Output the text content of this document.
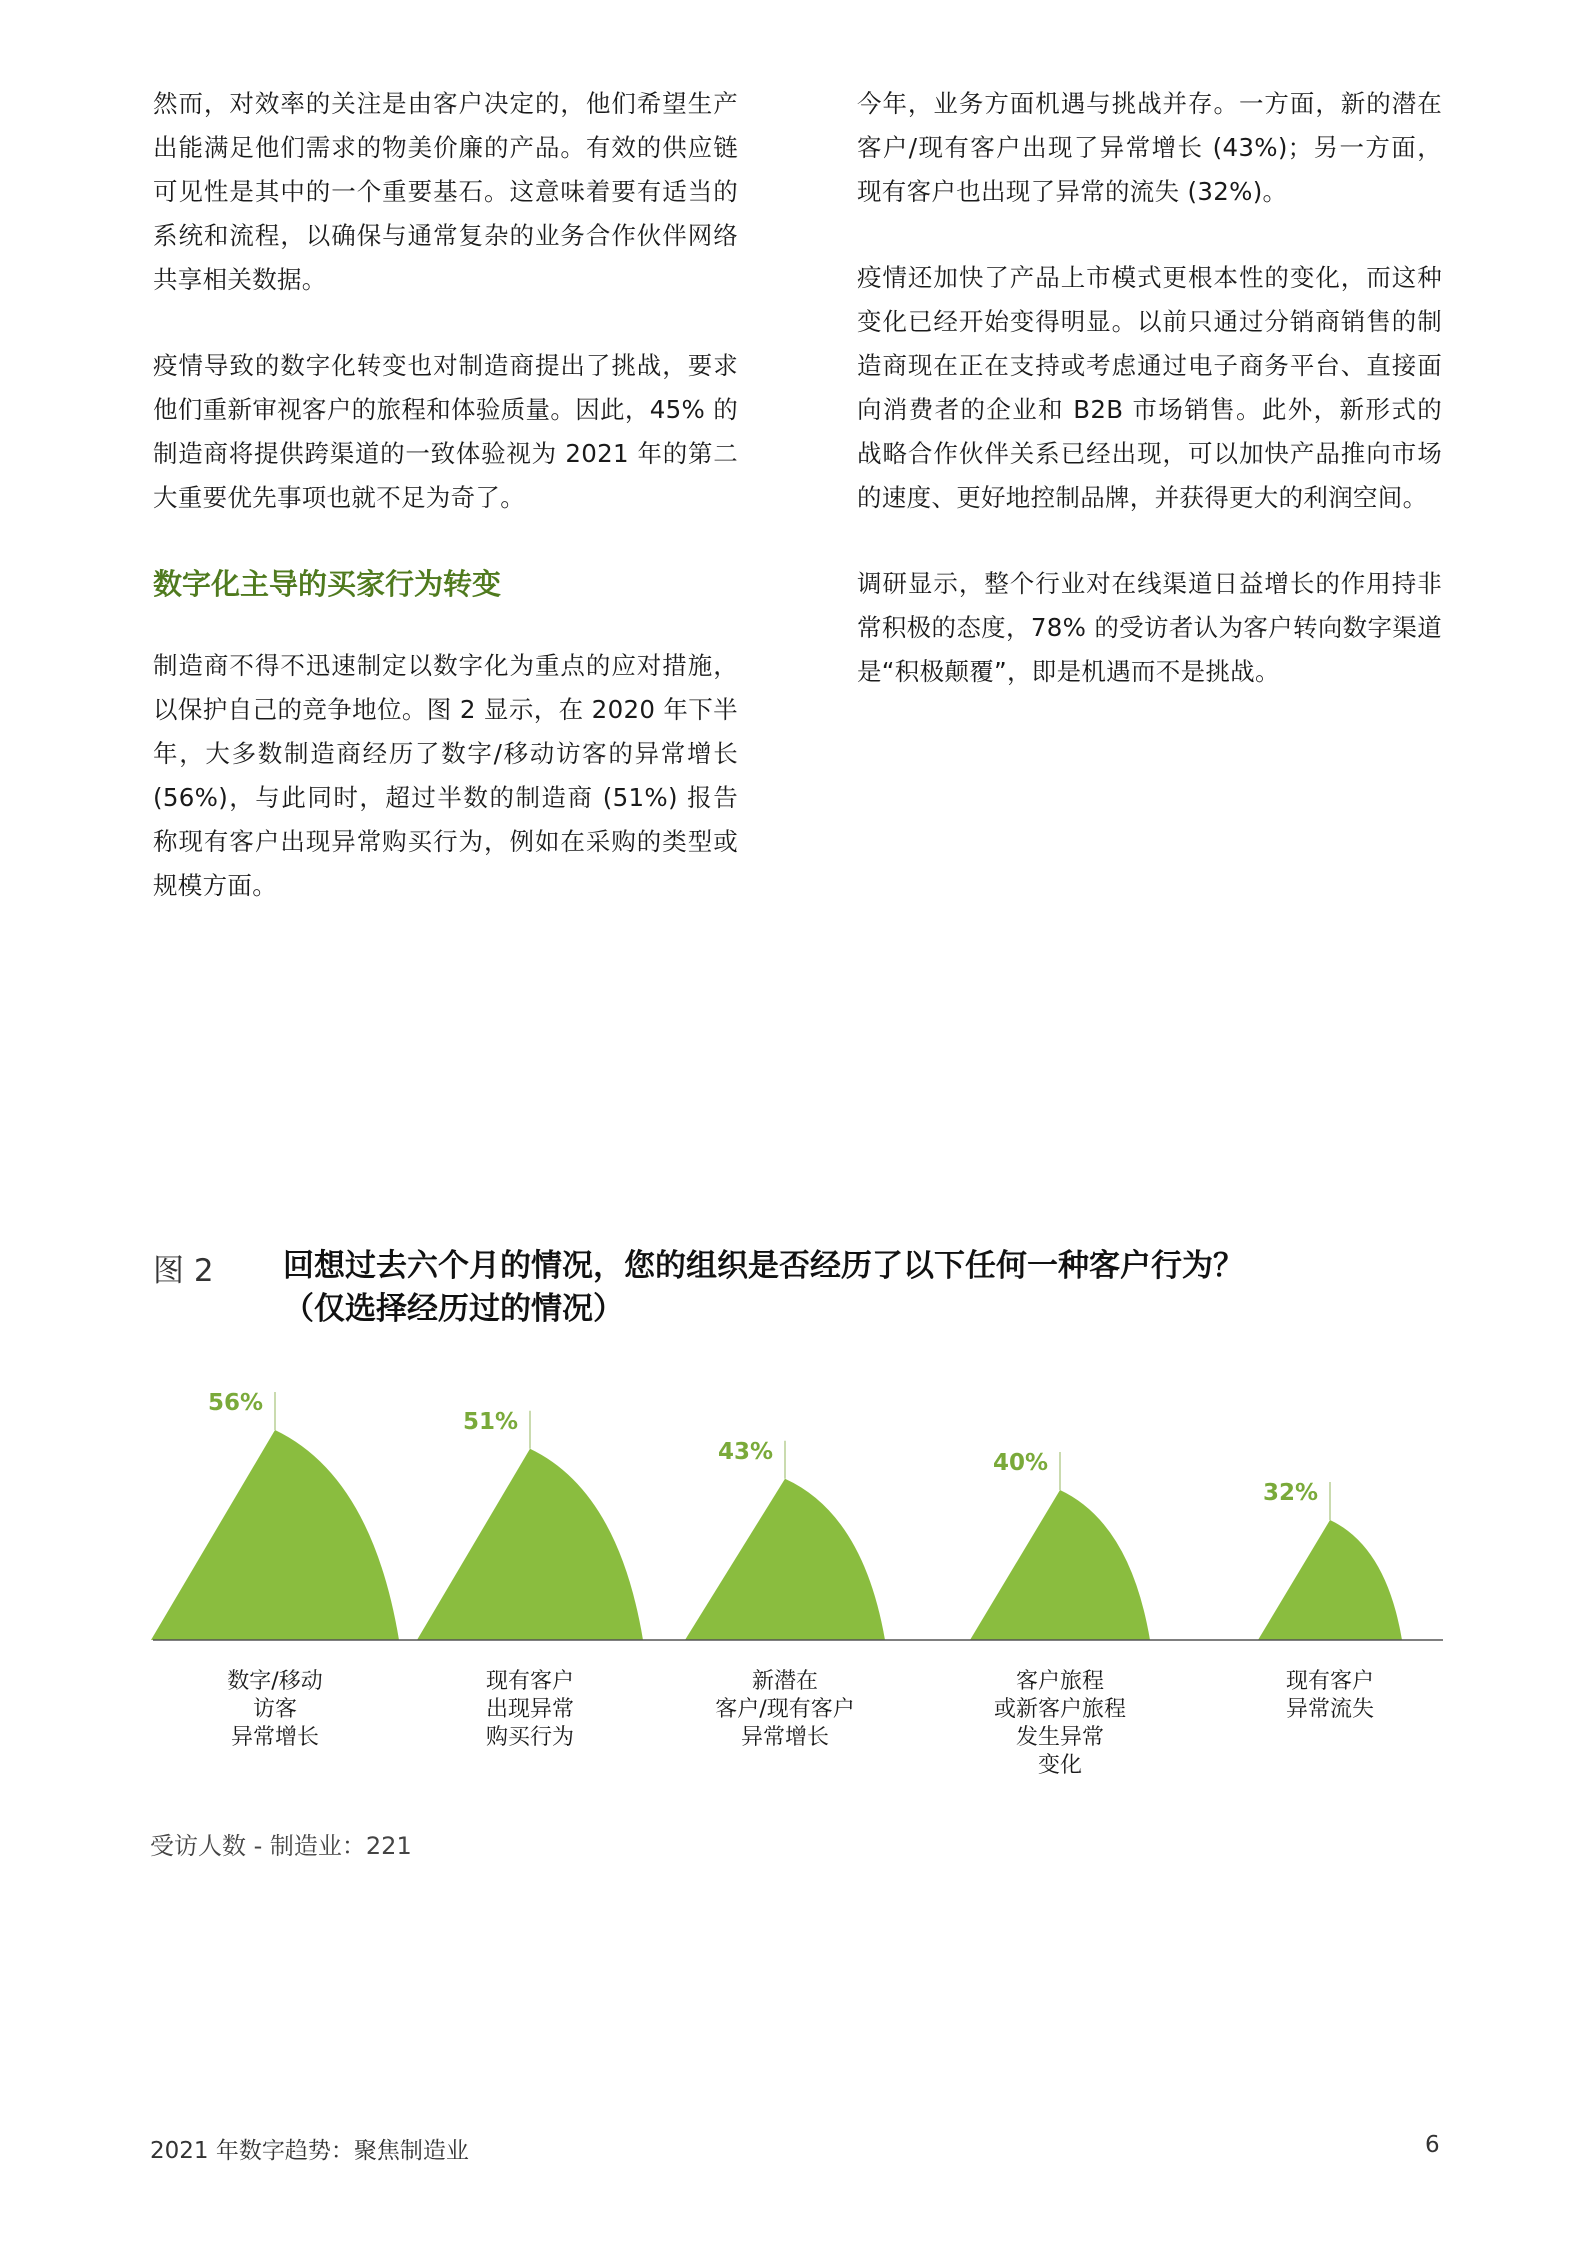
然而，对效率的关注是由客户决定的，他们希望生产出能满足他们需求的物美价廉的产品。有效的供应链可见性是其中的一个重要基石。这意味着要有适当的系统和流程，以确保与通常复杂的业务合作伙伴网络共享相关数据。

疫情导致的数字化转变也对制造商提出了挑战，要求他们重新审视客户的旅程和体验质量。因此，45% 的制造商将提供跨渠道的一致体验视为 2021 年的第二大重要优先事项也就不足为奇了。

数字化主导的买家行为转变

制造商不得不迅速制定以数字化为重点的应对措施，以保护自己的竞争地位。图 2 显示，在 2020 年下半年，大多数制造商经历了数字/移动访客的异常增长 (56%)，与此同时，超过半数的制造商 (51%) 报告称现有客户出现异常购买行为，例如在采购的类型或规模方面。

今年，业务方面机遇与挑战并存。一方面，新的潜在客户/现有客户出现了异常增长 (43%)；另一方面，现有客户也出现了异常的流失 (32%)。

疫情还加快了产品上市模式更根本性的变化，而这种变化已经开始变得明显。以前只通过分销商销售的制造商现在正在支持或考虑通过电子商务平台、直接面向消费者的企业和 B2B 市场销售。此外，新形式的战略合作伙伴关系已经出现，可以加快产品推向市场的速度、更好地控制品牌，并获得更大的利润空间。

调研显示，整个行业对在线渠道日益增长的作用持非常积极的态度，78% 的受访者认为客户转向数字渠道是“积极颠覆”，即是机遇而不是挑战。

图 2 回想过去六个月的情况，您的组织是否经历了以下任何一种客户行为？
（仅选择经历过的情况）
56%
数字/移动
访客
异常增长
51%
现有客户
出现异常
购买行为
43%
新潜在
客户/现有客户
异常增长
40%
客户旅程
或新客户旅程
发生异常
变化
32%
现有客户
异常流失
受访人数 - 制造业：221
2021 年数字趋势：聚焦制造业	6
